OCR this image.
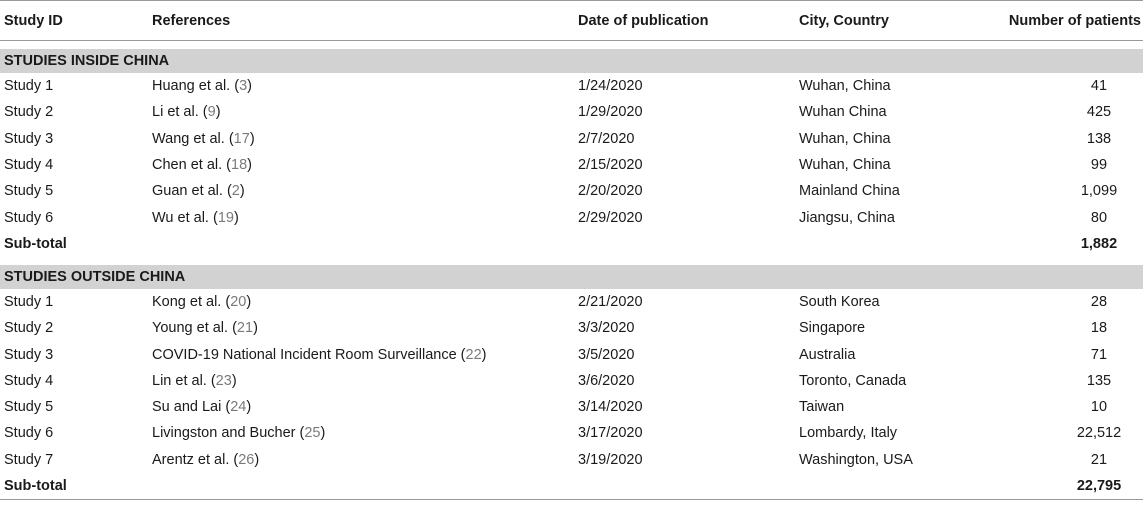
Study ID	References	Date of publication	City, Country	Number of patients

STUDIES INSIDE CHINA				
Study 1	Huang et al. (3)	1/24/2020	Wuhan, China	41
Study 2	Li et al. (9)	1/29/2020	Wuhan China	425
Study 3	Wang et al. (17)	2/7/2020	Wuhan, China	138
Study 4	Chen et al. (18)	2/15/2020	Wuhan, China	99
Study 5	Guan et al. (2)	2/20/2020	Mainland China	1,099
Study 6	Wu et al. (19)	2/29/2020	Jiangsu, China	80
Sub-total				1,882

STUDIES OUTSIDE CHINA				
Study 1	Kong et al. (20)	2/21/2020	South Korea	28
Study 2	Young et al. (21)	3/3/2020	Singapore	18
Study 3	COVID-19 National Incident Room Surveillance (22)	3/5/2020	Australia	71
Study 4	Lin et al. (23)	3/6/2020	Toronto, Canada	135
Study 5	Su and Lai (24)	3/14/2020	Taiwan	10
Study 6	Livingston and Bucher (25)	3/17/2020	Lombardy, Italy	22,512
Study 7	Arentz et al. (26)	3/19/2020	Washington, USA	21
Sub-total				22,795
